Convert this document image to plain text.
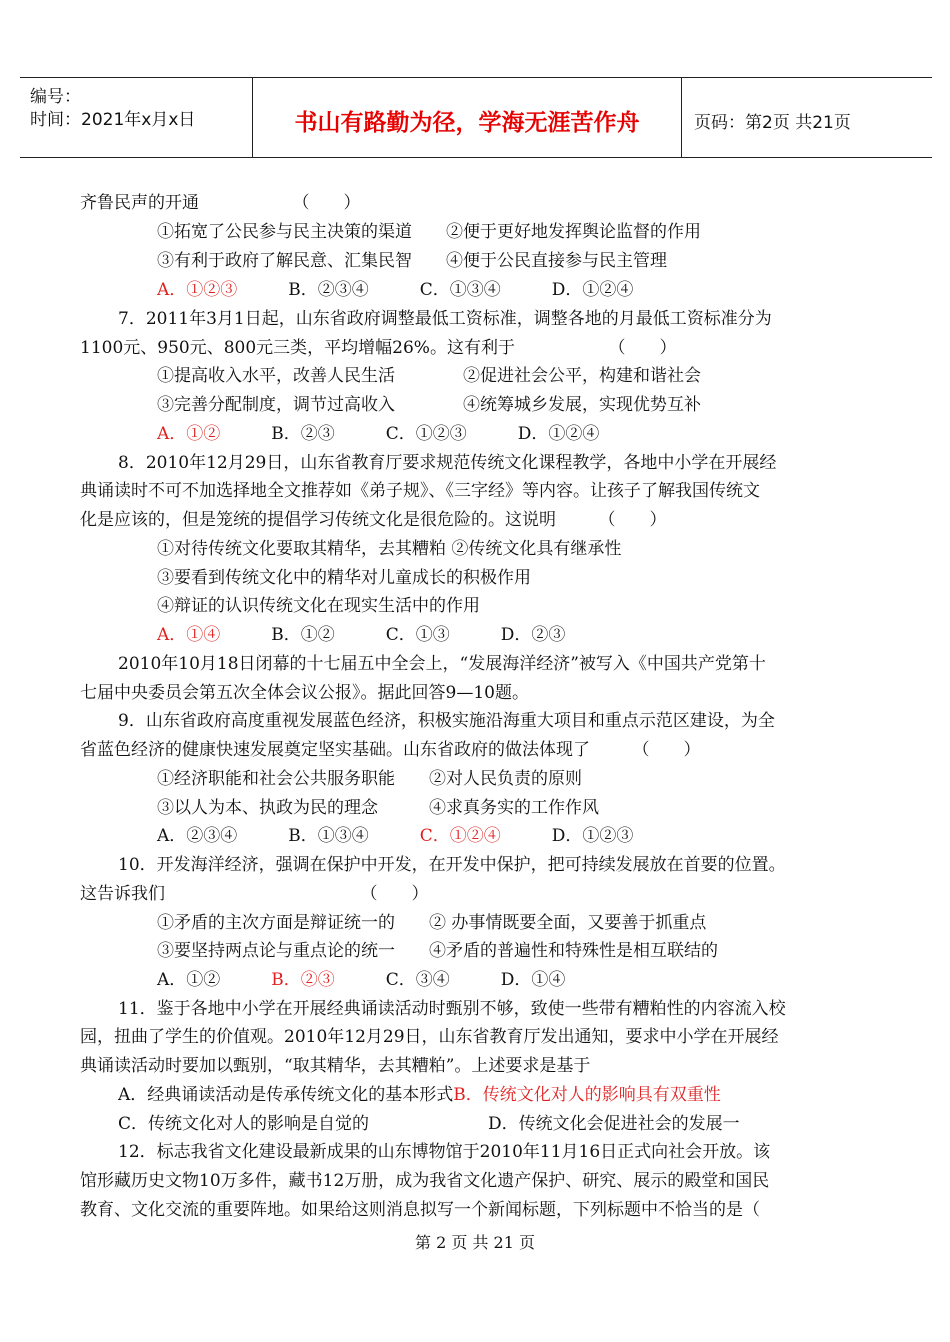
编号：
时间：2021年x月x日	书山有路勤为径，学海无涯苦作舟	页码：第2页 共21页
齐鲁民声的开通　　　　　　（　　）
①拓宽了公民参与民主决策的渠道　　②便于更好地发挥舆论监督的作用
③有利于政府了解民意、汇集民智　　④便于公民直接参与民主管理
A．①②③　　　B．②③④　　　C．①③④　　　D．①②④
7．2011年3月1日起，山东省政府调整最低工资标准，调整各地的月最低工资标准分为
1100元、950元、800元三类，平均增幅26%。这有利于　　　　　　（　　）
①提高收入水平，改善人民生活　　　　②促进社会公平，构建和谐社会
③完善分配制度，调节过高收入　　　　④统筹城乡发展，实现优势互补
A．①②　　　B．②③　　　C．①②③　　　D．①②④
8．2010年12月29日，山东省教育厅要求规范传统文化课程教学，各地中小学在开展经
典诵读时不可不加选择地全文推荐如《弟子规》、《三字经》等内容。让孩子了解我国传统文
化是应该的，但是笼统的提倡学习传统文化是很危险的。这说明　　　（　　）
①对待传统文化要取其精华，去其糟粕 ②传统文化具有继承性
③要看到传统文化中的精华对儿童成长的积极作用
④辩证的认识传统文化在现实生活中的作用
A．①④　　　B．①②　　　C．①③　　　D．②③
2010年10月18日闭幕的十七届五中全会上，“发展海洋经济”被写入《中国共产党第十
七届中央委员会第五次全体会议公报》。据此回答9—10题。
9．山东省政府高度重视发展蓝色经济，积极实施沿海重大项目和重点示范区建设，为全
省蓝色经济的健康快速发展奠定坚实基础。山东省政府的做法体现了　　　（　　）
①经济职能和社会公共服务职能　　②对人民负责的原则
③以人为本、执政为民的理念　　　④求真务实的工作作风
A．②③④　　　B．①③④　　　C．①②④　　　D．①②③
10．开发海洋经济，强调在保护中开发，在开发中保护，把可持续发展放在首要的位置。
这告诉我们　　　　　　　　　　　　（　　）
①矛盾的主次方面是辩证统一的　　② 办事情既要全面，又要善于抓重点
③要坚持两点论与重点论的统一　　④矛盾的普遍性和特殊性是相互联结的
A．①②　　　B．②③　　　C．③④　　　D．①④
11．鉴于各地中小学在开展经典诵读活动时甄别不够，致使一些带有糟粕性的内容流入校
园，扭曲了学生的价值观。2010年12月29日，山东省教育厅发出通知，要求中小学在开展经
典诵读活动时要加以甄别，“取其精华，去其糟粕”。上述要求是基于
A．经典诵读活动是传承传统文化的基本形式B．传统文化对人的影响具有双重性
C．传统文化对人的影响是自觉的　　　　　　　D．传统文化会促进社会的发展一
12．标志我省文化建设最新成果的山东博物馆于2010年11月16日正式向社会开放。该
馆形藏历史文物10万多件，藏书12万册，成为我省文化遗产保护、研究、展示的殿堂和国民
教育、文化交流的重要阵地。如果给这则消息拟写一个新闻标题，下列标题中不恰当的是（
第 2 页 共 21 页
